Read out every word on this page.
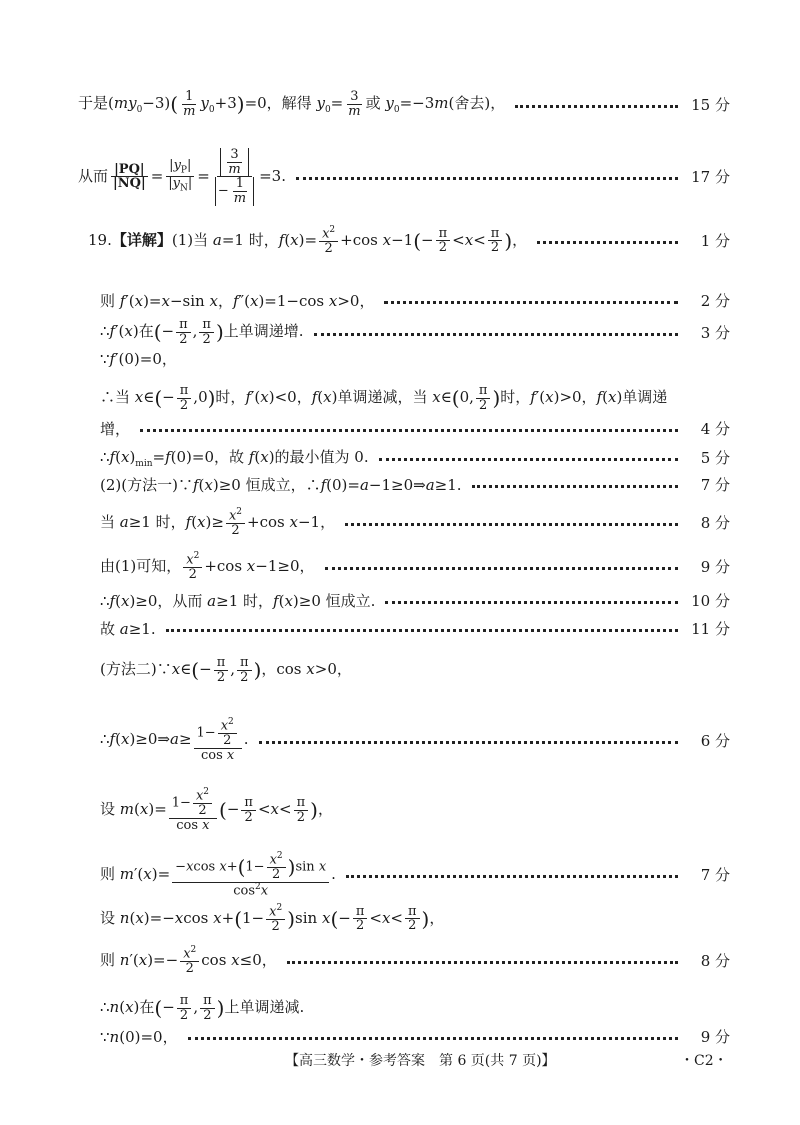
于是$(my_0-3)( \frac{1}{m} y_0+3)=0$，解得 $y_0= \frac{3}{m}$ 或 $y_0=-3m$(舍去)，	15 分
从而 $\frac{|PQ|}{|NQ|} = \frac{|y_P|}{|y_N|} = \frac{\frac{3}{m}}{- \frac{1}{m}} =3$.	17 分
19.【详解】(1)当 a=1 时，$f(x)= \frac{x^2}{2} +\cos$ $x-1(- \frac{\pi}{2} <x< \frac{\pi}{2}$ )，	1 分
则 f′(x)=x−sin x，f″(x)=1−cos x>0，	2 分
∴f′(x)在(− $\frac{\pi}{2}$ , $\frac{\pi}{2}$ )上单调递增.	3 分
∵f′(0)=0，
∴当 x∈(− $\frac{\pi}{2} ,0$)时，f′(x)<0，f(x)单调递减，当 x∈(0, $\frac{\pi}{2}$ )时，f′(x)>0，f(x)单调递
增，	4 分
$\therefore f(x)_{min}=f(0)=0$，故 f(x)的最小值为 0.	5 分
(2)(方法一)∵f(x)≥0 恒成立，∴f(0)=a−1≥0⇒a≥1.	7 分
当 a≥1 时，$f(x)\ge \frac{x^2}{2} +\cos$ x−1，	8 分
由(1)可知， $\frac{x^2}{2} +\cos$ x−1≥0，	9 分
∴f(x)≥0，从而 a≥1 时，f(x)≥0 恒成立.	10 分
故 a≥1.	11 分
(方法二)∵x∈(− $\frac{\pi}{2}$ , $\frac{\pi}{2}$ )，cos x>0，
∴f(x)≥0⇒a≥ $\frac{1- \frac{x^2}{2}}{\text{cos x}}$ .	6 分
设 $m(x)= \frac{1- \frac{x^2}{2}}{\text{cos x}}$ (− $\frac{\pi}{2} <x< \frac{\pi}{2}$ )，
则 $m'(x)= \frac{-xcos x+(1- \frac{x^2}{2} )\sin x}{\cos^2x}$ .	7 分
设 n(x)=−xcos $x+(1- \frac{x^2}{2} )\sin$ $x(- \frac{\pi}{2} <x< \frac{\pi}{2}$ )，
则 $n'(x)=- \frac{x^2}{2}$ cos x≤0，	8 分
∴n(x)在(− $\frac{\pi}{2}$ , $\frac{\pi}{2}$ )上单调递减.
∵n(0)=0，	9 分
【高三数学・参考答案　第 6 页(共 7 页)】	・C2・
